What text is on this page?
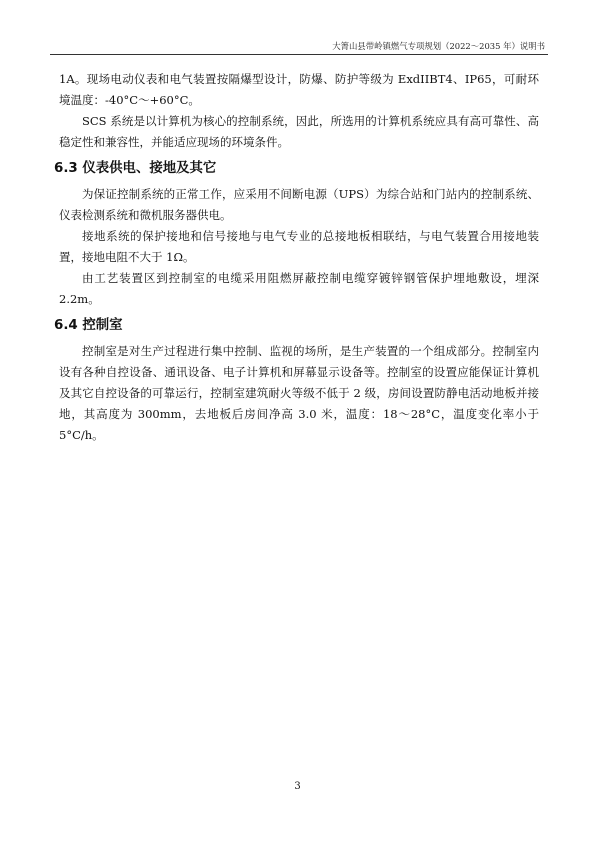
大箐山县带岭镇燃气专项规划（2022～2035 年）说明书

1A。现场电动仪表和电气装置按隔爆型设计，防爆、防护等级为 ExdIIBT4、IP65，可耐环境温度：-40°C～+60°C。

SCS 系统是以计算机为核心的控制系统，因此，所选用的计算机系统应具有高可靠性、高稳定性和兼容性，并能适应现场的环境条件。

6.3 仪表供电、接地及其它

为保证控制系统的正常工作，应采用不间断电源（UPS）为综合站和门站内的控制系统、仪表检测系统和微机服务器供电。

接地系统的保护接地和信号接地与电气专业的总接地板相联结，与电气装置合用接地装置，接地电阻不大于 1Ω。

由工艺装置区到控制室的电缆采用阻燃屏蔽控制电缆穿镀锌钢管保护埋地敷设，埋深 2.2m。

6.4 控制室

控制室是对生产过程进行集中控制、监视的场所，是生产装置的一个组成部分。控制室内设有各种自控设备、通讯设备、电子计算机和屏幕显示设备等。控制室的设置应能保证计算机及其它自控设备的可靠运行，控制室建筑耐火等级不低于 2 级，房间设置防静电活动地板并接地，其高度为 300mm，去地板后房间净高 3.0 米，温度：18～28°C，温度变化率小于 5°C/h。

3
